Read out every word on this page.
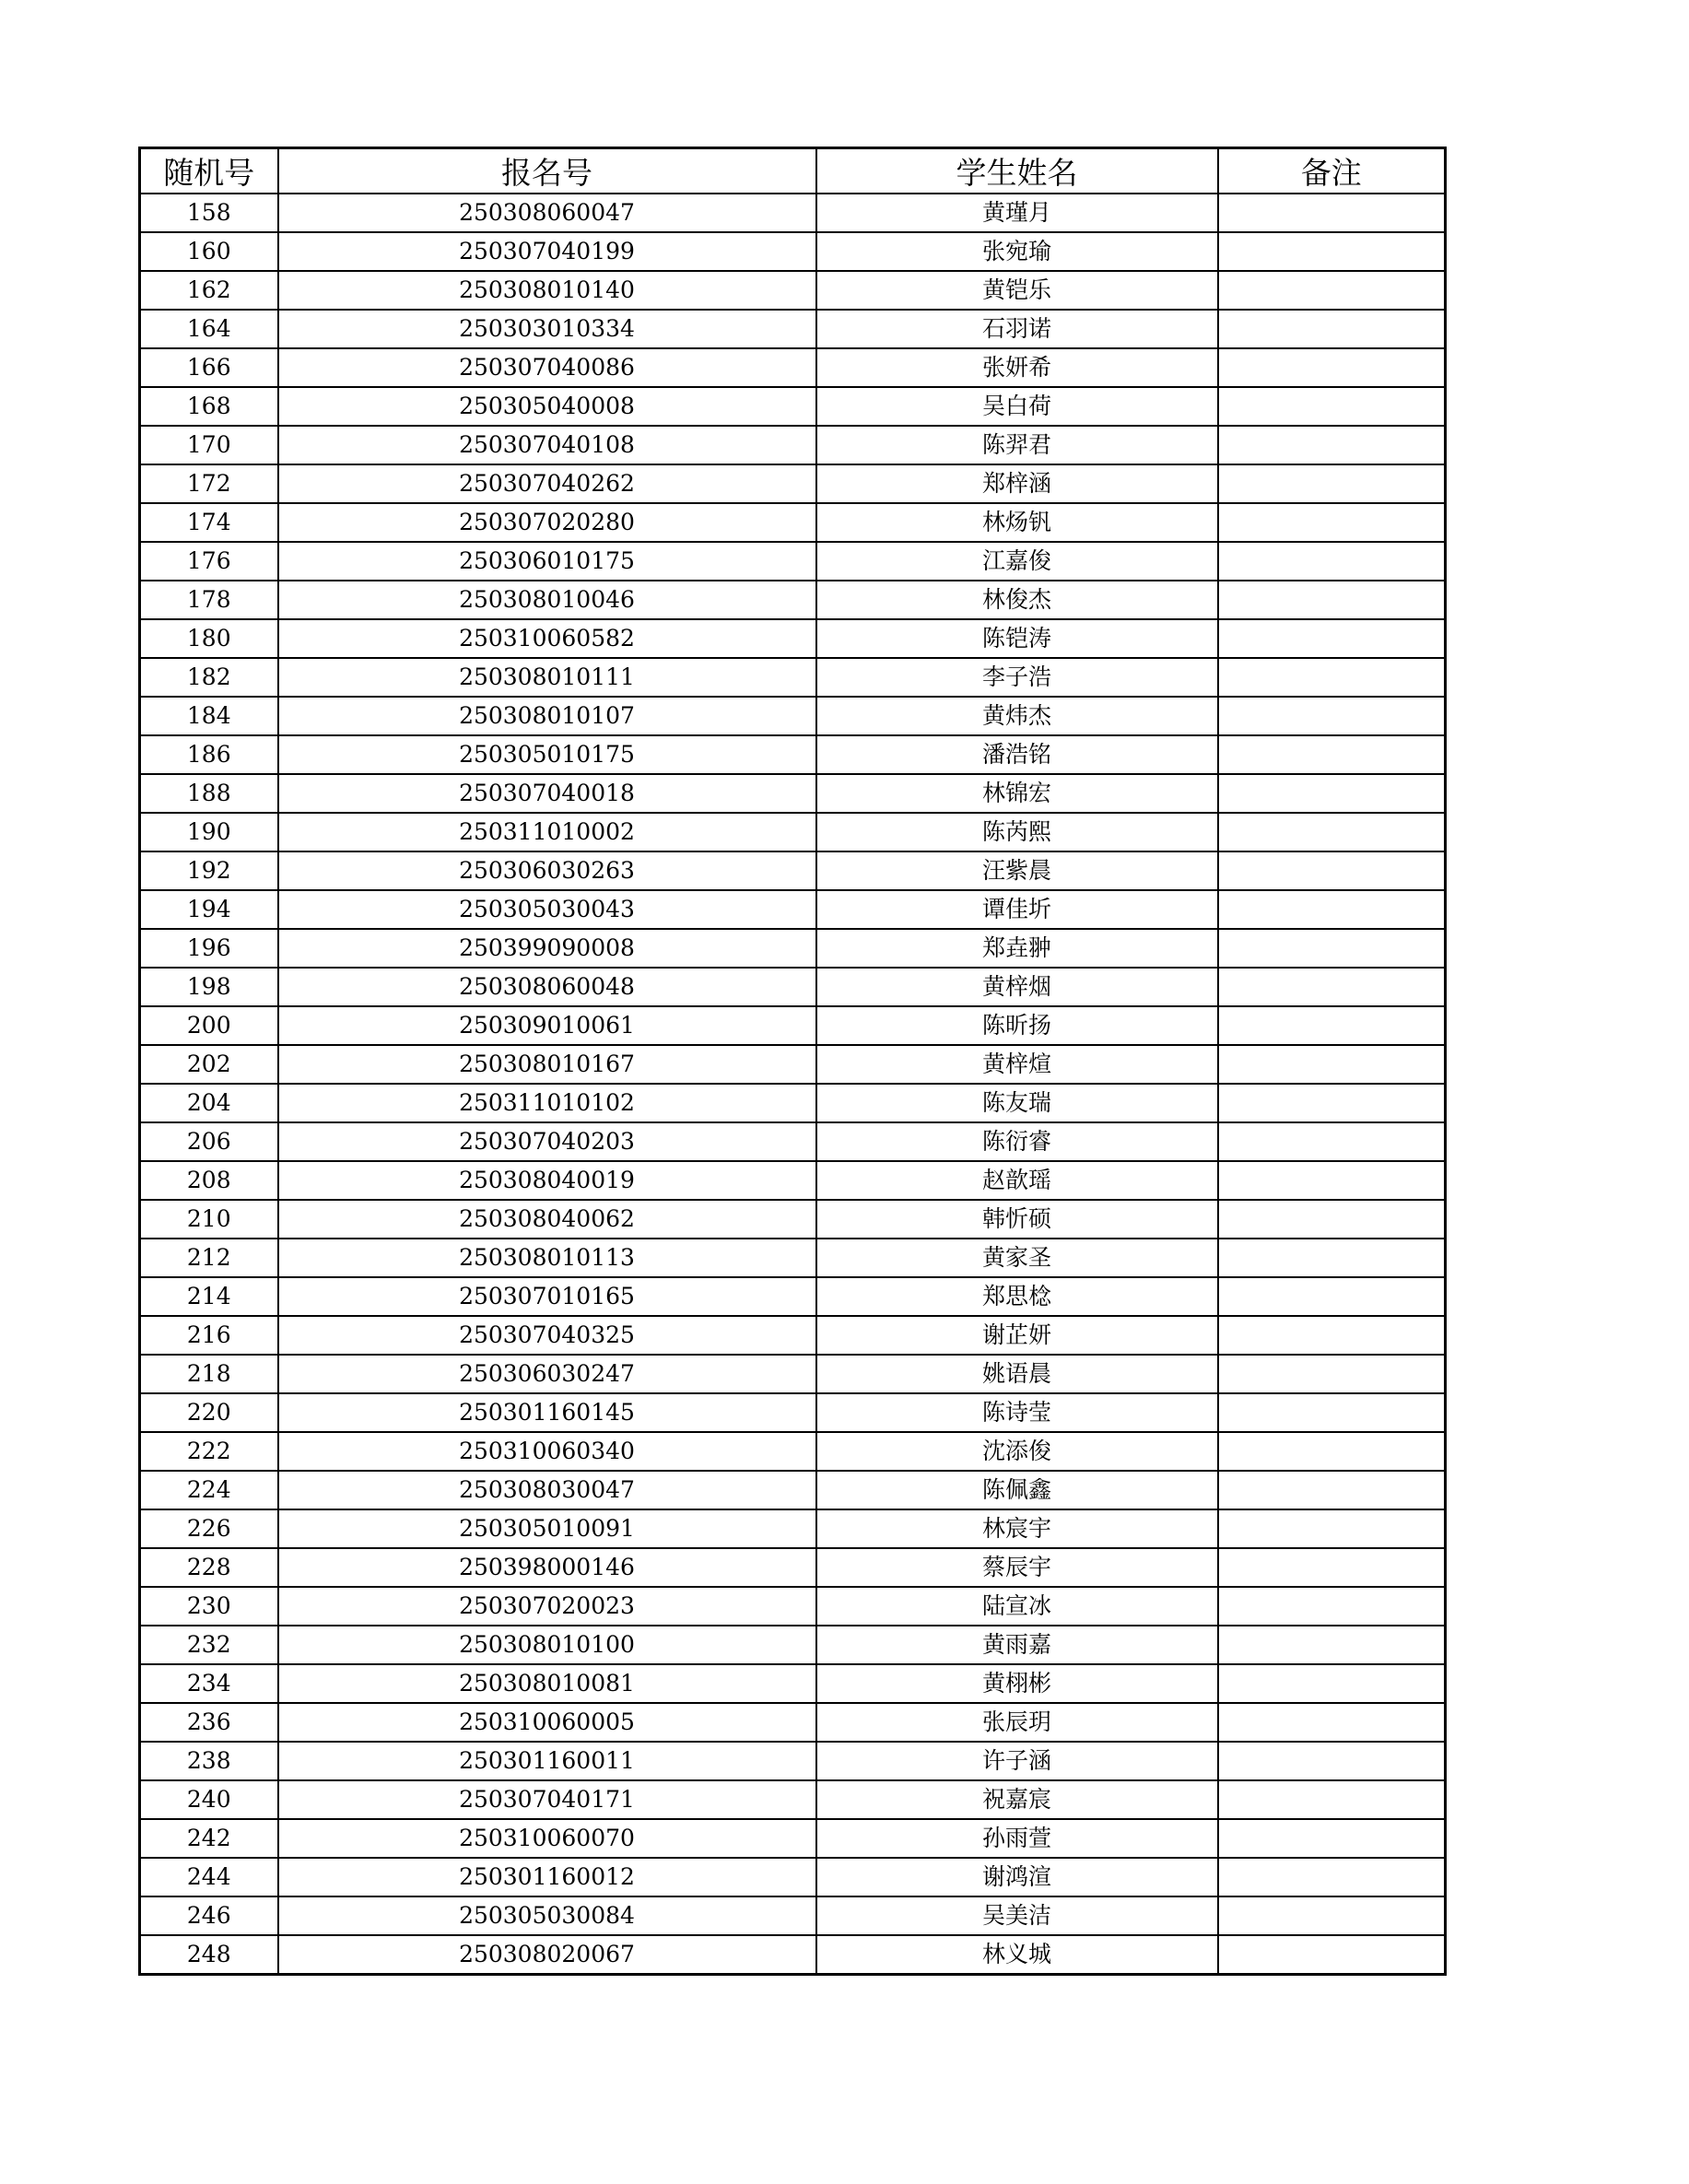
随机号	报名号	学生姓名	备注
158	250308060047	黄瑾月	
160	250307040199	张宛瑜	
162	250308010140	黄铠乐	
164	250303010334	石羽诺	
166	250307040086	张妍希	
168	250305040008	吴白荷	
170	250307040108	陈羿君	
172	250307040262	郑梓涵	
174	250307020280	林炀钒	
176	250306010175	江嘉俊	
178	250308010046	林俊杰	
180	250310060582	陈铠涛	
182	250308010111	李子浩	
184	250308010107	黄炜杰	
186	250305010175	潘浩铭	
188	250307040018	林锦宏	
190	250311010002	陈芮熙	
192	250306030263	汪紫晨	
194	250305030043	谭佳圻	
196	250399090008	郑垚翀	
198	250308060048	黄梓烟	
200	250309010061	陈昕扬	
202	250308010167	黄梓煊	
204	250311010102	陈友瑞	
206	250307040203	陈衍睿	
208	250308040019	赵歆瑶	
210	250308040062	韩忻硕	
212	250308010113	黄家圣	
214	250307010165	郑思棯	
216	250307040325	谢芷妍	
218	250306030247	姚语晨	
220	250301160145	陈诗莹	
222	250310060340	沈添俊	
224	250308030047	陈佩鑫	
226	250305010091	林宸宇	
228	250398000146	蔡辰宇	
230	250307020023	陆宣冰	
232	250308010100	黄雨嘉	
234	250308010081	黄栩彬	
236	250310060005	张辰玥	
238	250301160011	许子涵	
240	250307040171	祝嘉宸	
242	250310060070	孙雨萱	
244	250301160012	谢鸿渲	
246	250305030084	吴美洁	
248	250308020067	林义城	
